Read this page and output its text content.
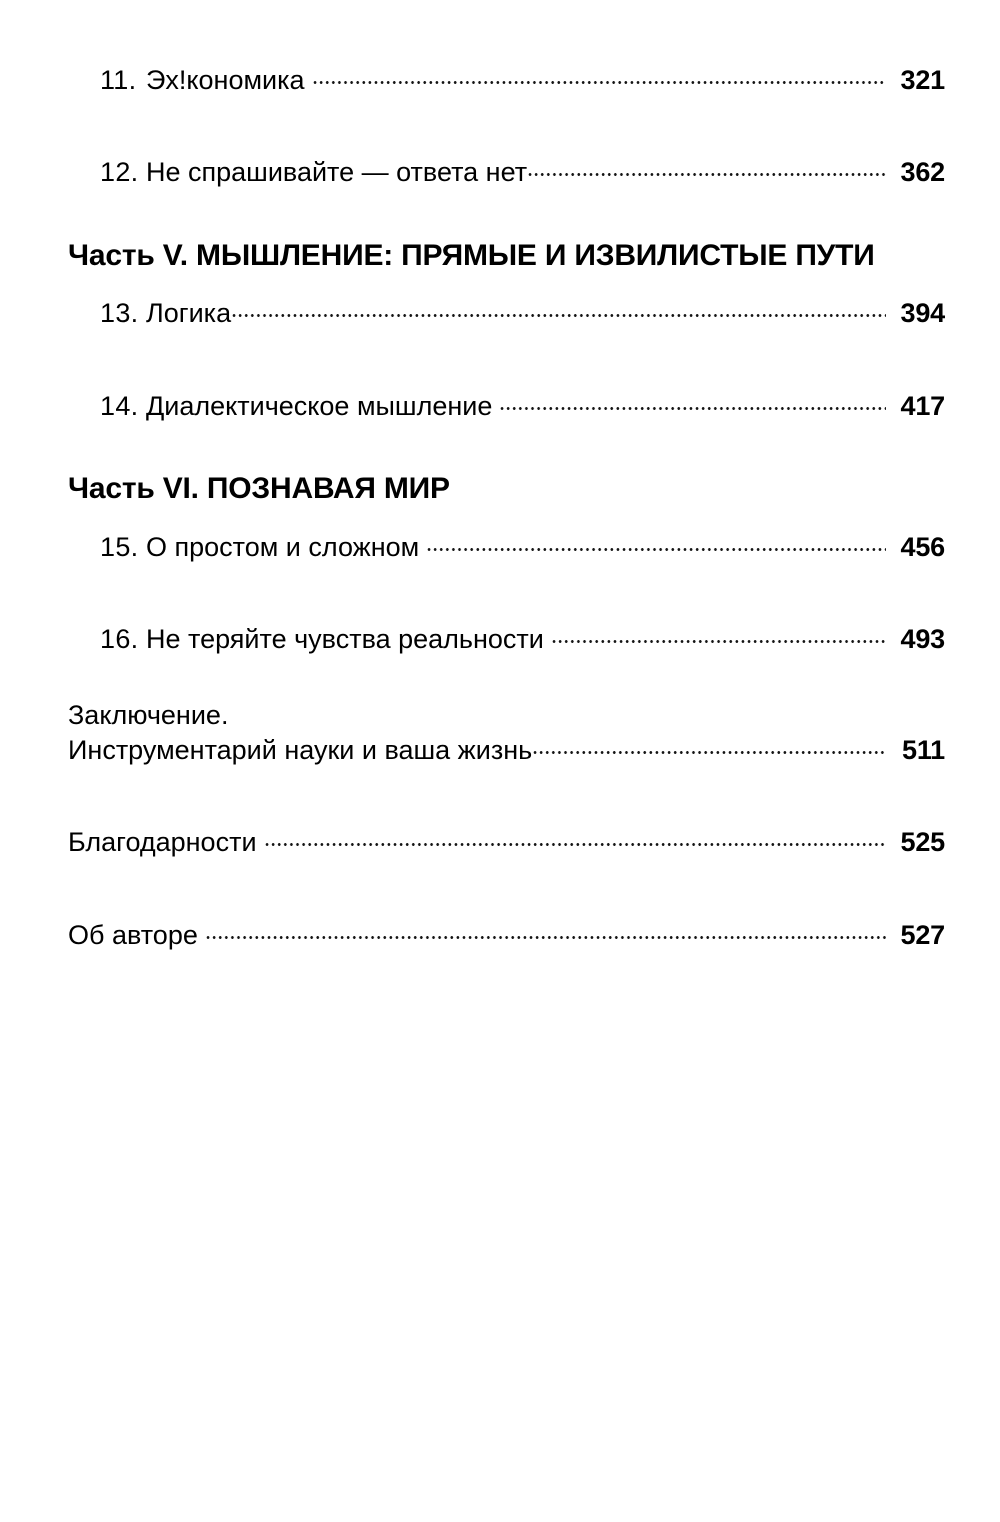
11. Эх!кономика	321
12. Не спрашивайте — ответа нет	362
Часть V. МЫШЛЕНИЕ: ПРЯМЫЕ И ИЗВИЛИСТЫЕ ПУТИ
13. Логика	394
14. Диалектическое мышление	417
Часть VI. ПОЗНАВАЯ МИР
15. О простом и сложном	456
16. Не теряйте чувства реальности	493
Заключение.
Инструментарий науки и ваша жизнь	511
Благодарности	525
Об авторе	527
